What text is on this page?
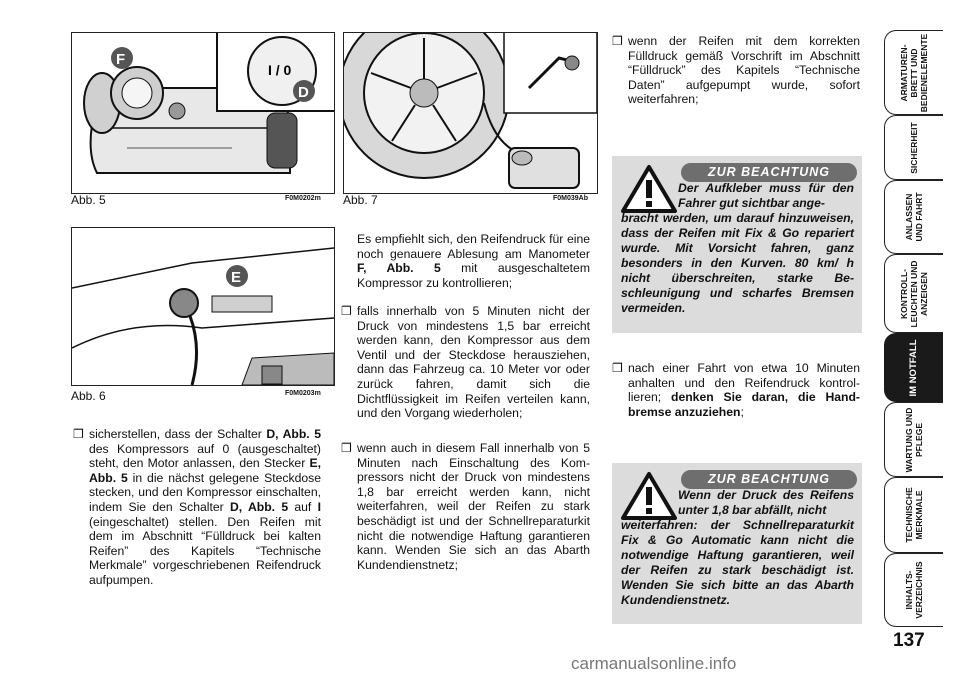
I / 0
F
D
Abb. 5	F0M0202m
E
Abb. 6	F0M0203m
Abb. 7	F0M039Ab
❒ sicherstellen, dass der Schalter D, Abb. 5 des Kompressors auf 0 (ausgeschaltet) steht, den Motor anlassen, den Stecker E, Abb. 5 in die nächst gelegene Steckdose stecken, und den Kompressor einschalten, indem Sie den Schalter D, Abb. 5 auf I (eingeschaltet) stellen. Den Reifen mit dem im Abschnitt “Fülldruck bei kalten Reifen” des Kapitels “Technische Merkmale” vorgeschriebenen Reifendruck aufpumpen.
Es empfiehlt sich, den Reifendruck für eine noch genauere Ablesung am Manometer F, Abb. 5 mit ausgeschaltetem Kompressor zu kontrollieren;
❒ falls innerhalb von 5 Minuten nicht der Druck von mindestens 1,5 bar erreicht werden kann, den Kompressor aus dem Ventil und der Steckdose herausziehen, dann das Fahrzeug ca. 10 Meter vor oder zurück fahren, damit sich die Dichtflüssigkeit im Reifen verteilen kann, und den Vorgang wiederholen;
❒ wenn auch in diesem Fall innerhalb von 5 Minuten nach Einschaltung des Kompressors nicht der Druck von mindestens 1,8 bar erreicht werden kann, nicht weiterfahren, weil der Reifen zu stark beschädigt ist und der Schnellreparaturkit nicht die notwendige Haftung garantieren kann. Wenden Sie sich an das Abarth Kundendienstnetz;
❒ wenn der Reifen mit dem korrekten Fülldruck gemäß Vorschrift im Abschnitt “Fülldruck” des Kapitels “Technische Daten” aufgepumpt wurde, sofort weiterfahren;
ZUR BEACHTUNG
Der Aufkleber muss für den Fahrer gut sichtbar ange-
bracht werden, um darauf hinzuweisen, dass der Reifen mit Fix & Go repariert wurde. Mit Vorsicht fahren, ganz besonders in den Kurven. 80 km/ h nicht überschreiten, starke Beschleunigung und scharfes Bremsen vermeiden.
❒ nach einer Fahrt von etwa 10 Minuten anhalten und den Reifendruck kontrollieren; denken Sie daran, die Handbremse anzuziehen;
ZUR BEACHTUNG
Wenn der Druck des Reifens unter 1,8 bar abfällt, nicht
weiterfahren: der Schnellreparaturkit Fix & Go Automatic kann nicht die notwendige Haftung garantieren, weil der Reifen zu stark beschädigt ist. Wenden Sie sich bitte an das Abarth Kundendienstnetz.
ARMATUREN-
BRETT UND
BEDIENELEMENTE
SICHERHEIT
ANLASSEN
UND FAHRT
KONTROLL-
LEUCHTEN UND
ANZEIGEN
IM NOTFALL
WARTUNG UND
PFLEGE
TECHNISCHE
MERKMALE
INHALTS-
VERZEICHNIS
137
carmanualsonline.info
